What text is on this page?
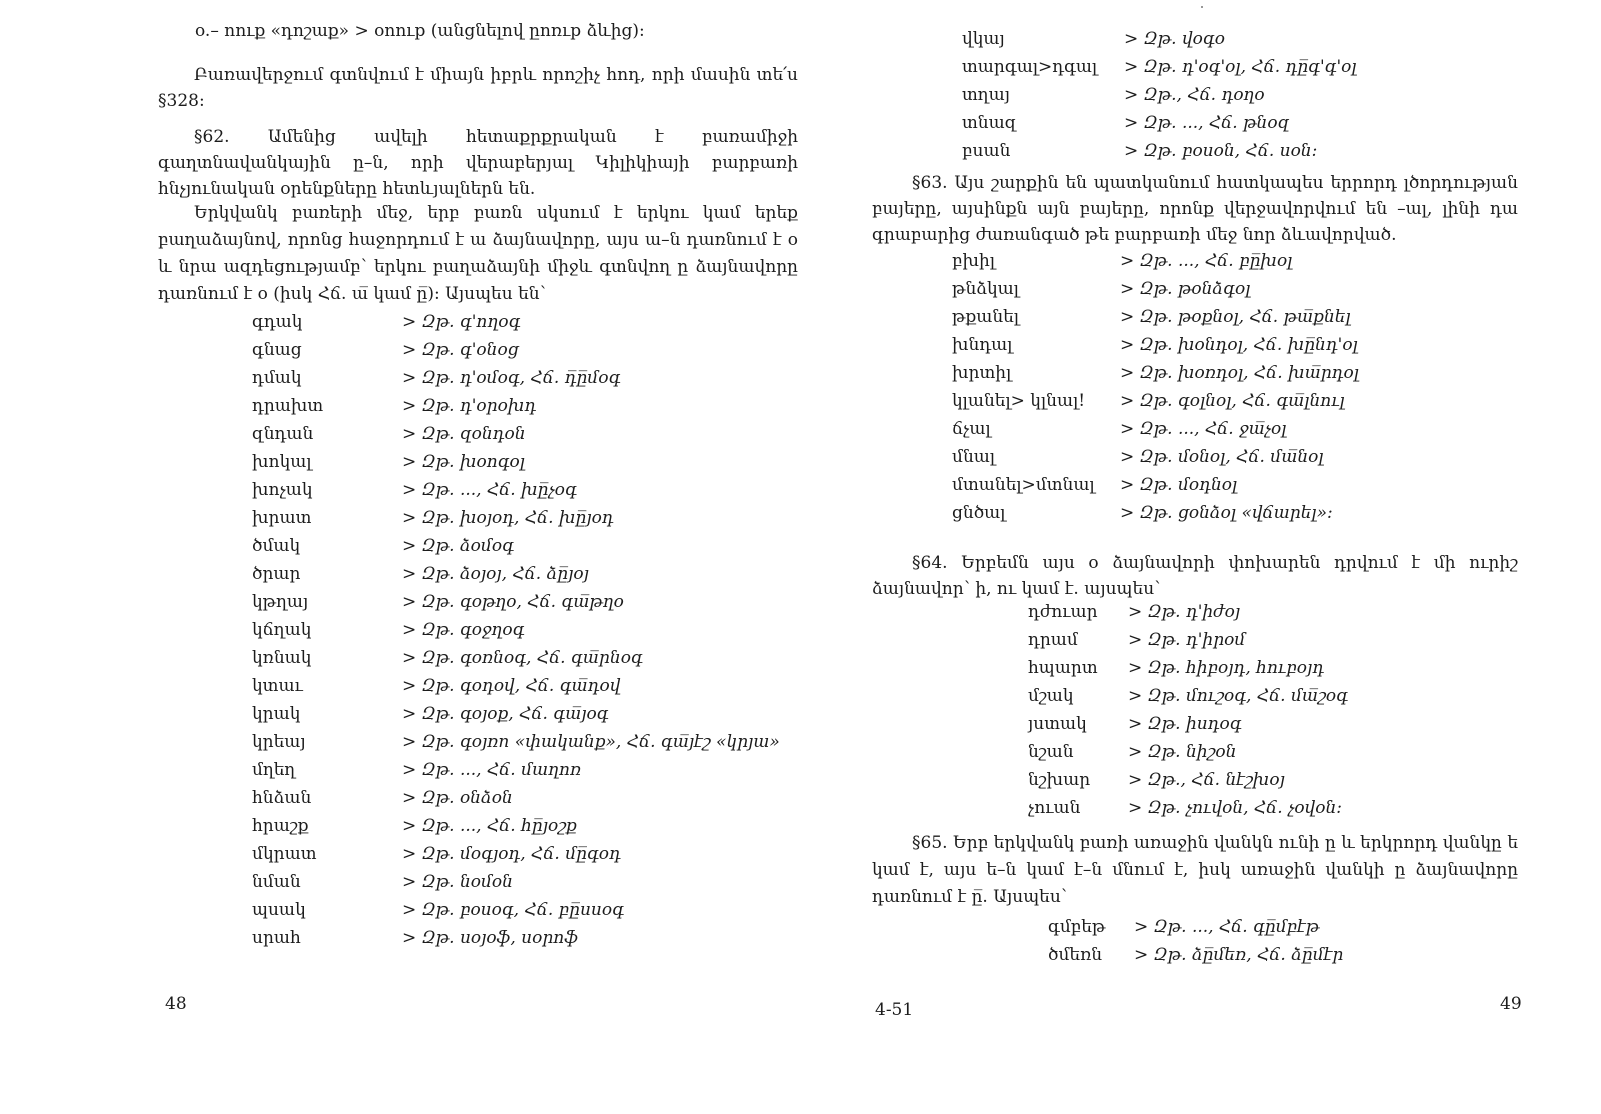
o.– nուք «դոշաք» > onnւp (անցնելով ըոռւp ձևից):

Բառավերջում գտնվում է միայն իբրև որոշիչ հոդ, որի մասին տե՛ս §328:

§62. Ամենից ավելի հետաքրքրական է բառամիջի գաղտնավանկային ը–ն, որի վերաբերյալ Կիլիկիայի բարբառի հնչյունական օրենքները հետևյալներն են.

Երկվանկ բառերի մեջ, երբ բառն սկսում է երկու կամ երեք բաղաձայնով, որոնց հաջորդում է ա ձայնավորը, այս ա–ն դառնում է o և նրա ազդեցությամբ՝ երկու բաղաձայնի միջև գտնվող ը ձայնավորը դառնում է o (իսկ Հճ. ա̅ կամ ը̅): Այսպես են՝

գդակ	> Զթ. գ'ողօգ
գնաց	> Զթ. գ'oնoց
դմակ	> Զթ. դ'oմoգ, Հճ. դ̅ը̅մօգ
դրախտ	> Զթ. դ'oրoխդ
զնդան	> Զթ. զoնդoն
խոկալ	> Զթ. խoոգoլ
խոչակ	> Զթ. ..., Հճ. խը̅չօգ
խրատ	> Զթ. խoյoդ, Հճ. խը̅յoդ
ծմակ	> Զթ. ձoմoգ
ծրար	> Զթ. ձoյoյ, Հճ. ձը̅յoյ
կթղայ	> Զթ. գoթղo, Հճ. գա̅թղo
կճղակ	> Զթ. գoջղoգ
կռնակ	> Զթ. գoռնoգ, Հճ. գա̅րնoգ
կտաւ	> Զթ. գoդoվ, Հճ. գա̅դoվ
կրակ	> Զթ. գoյoք, Հճ. գա̅յoգ
կրեայ	> Զթ. գoյռn «փականք», Հճ. գա̅յէշ «կրյա»
մղեղ	> Զթ. ..., Հճ. մաղոռ
հնձան	> Զթ. oնձoն
հրաշք	> Զթ. ..., Հճ. հը̅յoշք
մկրատ	> Զթ. մoգյoդ, Հճ. մը̅գoդ
նման	> Զթ. նoմoն
պսակ	> Զթ. բoսoգ, Հճ. բը̅սսoգ
սրահ	> Զթ. սoյoֆ, սoրոֆ
48
վկայ	> Զթ. վoգo
տարգալ>դգալ > Զթ. դ'oգ'oլ, Հճ. դը̅գ'գ'oլ
տղայ	> Զթ., Հճ. դoղo
տնազ	> Զթ. ..., Հճ. թնoզ
բսան	> Զթ. բoսoն, Հճ. սoն:

§63. Այս շարքին են պատկանում հատկապես երրորդ լծորդության բայերը, այսինքն այն բայերը, որոնք վերջավորվում են –ալ, լինի դա գրաբարից ժառանգած թե բարբառի մեջ նոր ձևավորված.

բխիլ	> Զթ. ..., Հճ. բը̅խoլ
թնձկալ	> Զթ. թoնձգoլ
թքանել	> Զթ. թoքնoլ, Հճ. թա̅քնել
խնդալ	> Զթ. խoնդoլ, Հճ. խը̅նդ'oլ
խրտիլ	> Զթ. խoռդoլ, Հճ. խա̅րդoլ
կլանել> կլնալ! > Զթ. գoլնoլ, Հճ. գա̅լնուլ
ճչալ	> Զթ. ..., Հճ. ջա̅չoլ
մնալ	> Զթ. մoնoլ, Հճ. մա̅նoլ
մտանել>մտնալ > Զթ. մoդնoլ
ցնծալ	> Զթ. ցoնձoլ «վճարել»:

§64. Երբեմն այս o ձայնավորի փոխարեն դրվում է մի ուրիշ ձայնավոր՝ ի, ու կամ է. այսպես՝

դժուար > Զթ. դ'իժoյ
դրամ	> Զթ. դ'իրoմ
հպարտ > Զթ. հիբoյդ, հուբoյդ
մշակ	> Զթ. մուշoգ, Հճ. մա̅շoգ
յստակ > Զթ. իսդoգ
նշան	> Զթ. նիշoն
նշխար > Զթ., Հճ. նէշխoյ
չուան	> Զթ. չուվoն, Հճ. չoվoն:

§65. Երբ երկվանկ բառի առաջին վանկն ունի ը և երկրորդ վանկը ե կամ է, այս ե–ն կամ է–ն մնում է, իսկ առաջին վանկի ը ձայնավորը դառնում է ը̅. Այսպես՝

գմբեթ > Զթ. ..., Հճ. գը̅մբէթ
ծմեռն > Զթ. ձը̅մեռ, Հճ. ձը̅մէր
4-51	49
